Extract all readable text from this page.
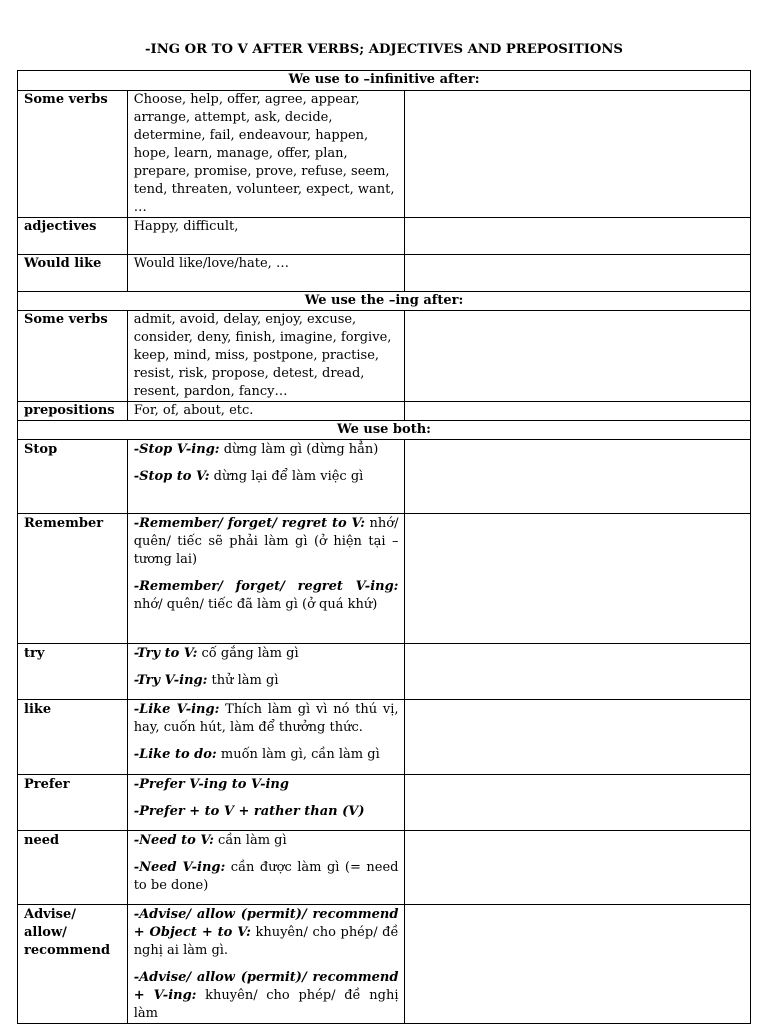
-ING OR TO V AFTER VERBS; ADJECTIVES AND PREPOSITIONS
We use to –infinitive after:		
Some verbs	Choose, help, offer, agree, appear, arrange, attempt, ask, decide, determine, fail, endeavour, happen, hope, learn, manage, offer, plan, prepare, promise, prove, refuse, seem, tend, threaten, volunteer, expect, want, …	
adjectives	Happy, difficult,	
Would like	Would like/love/hate, …	
We use the –ing after:		
Some verbs	admit, avoid, delay, enjoy, excuse, consider, deny, finish, imagine, forgive, keep, mind, miss, postpone, practise, resist, risk, propose, detest, dread, resent, pardon, fancy…	
prepositions	For, of, about, etc.	
We use both:		
Stop	-Stop V-ing: dừng làm gì (dừng hẳn)

-Stop to V: dừng lại để làm việc gì	

Remember	-Remember/ forget/ regret to V: nhớ/ quên/ tiếc sẽ phải làm gì (ở hiện tại – tương lai)

-Remember/ forget/ regret V-ing: nhớ/ quên/ tiếc đã làm gì (ở quá khứ)	

try	-Try to V: cố gắng làm gì

-Try V-ing: thử làm gì	

like	-Like V-ing: Thích làm gì vì nó thú vị, hay, cuốn hút, làm để thưởng thức.

-Like to do: muốn làm gì, cần làm gì	

Prefer	-Prefer V-ing to V-ing

-Prefer + to V + rather than (V)	

need	-Need to V: cần làm gì

-Need V-ing: cần được làm gì (= need to be done)	

Advise/ allow/ recommend	-Advise/ allow (permit)/ recommend + Object + to V: khuyên/ cho phép/ đề nghị ai làm gì.

-Advise/ allow (permit)/ recommend + V-ing: khuyên/ cho phép/ đề nghị làm	
